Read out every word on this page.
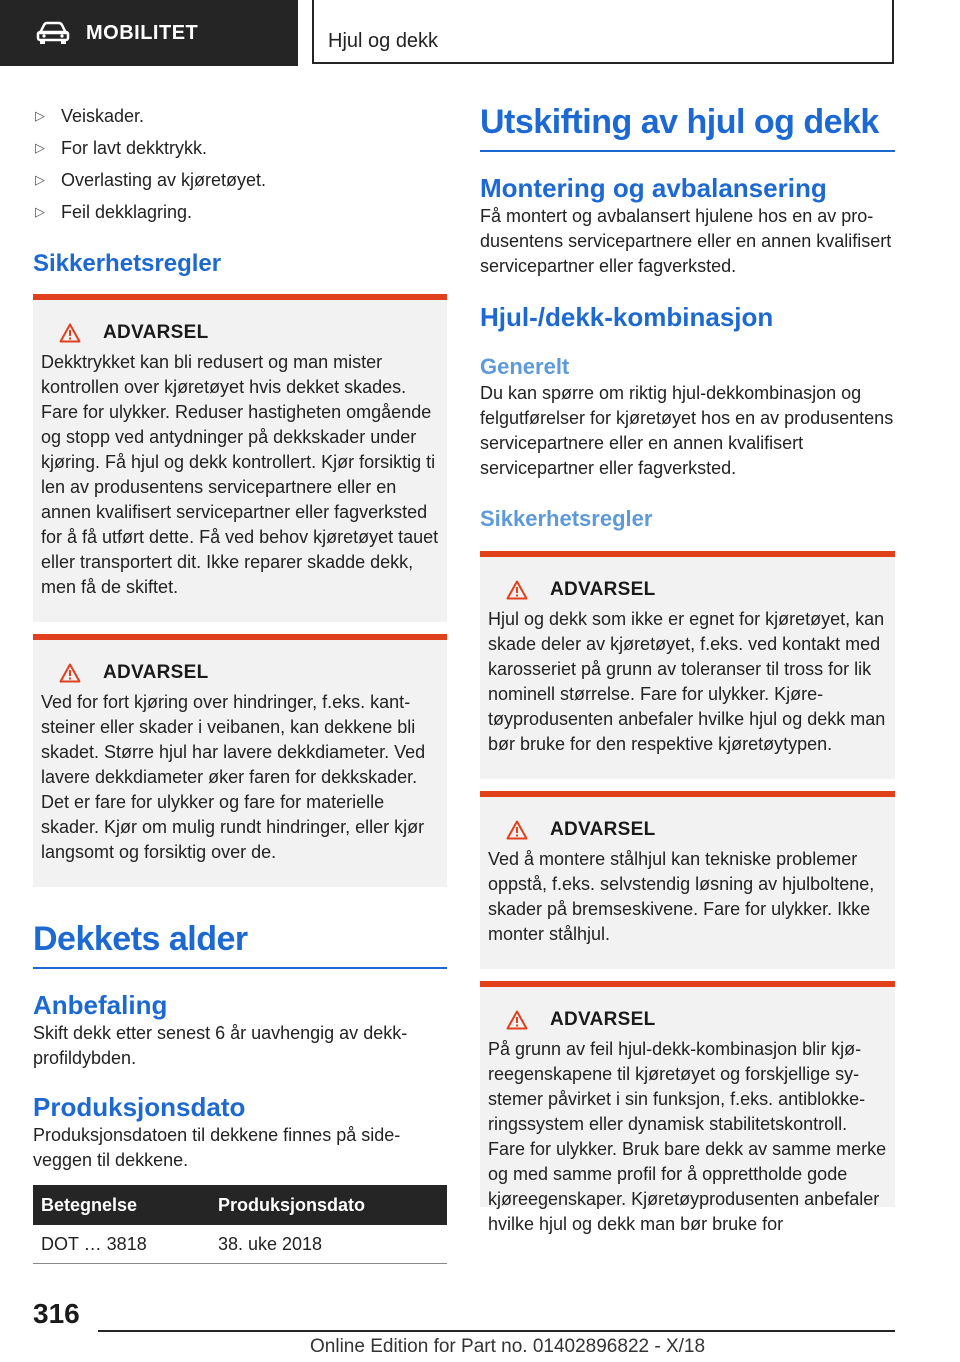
MOBILITET	Hjul og dekk
▷ Veiskader.
▷ For lavt dekktrykk.
▷ Overlasting av kjøretøyet.
▷ Feil dekklagring.
Sikkerhetsregler
ADVARSEL

Dekktrykket kan bli redusert og man mister kontrollen over kjøretøyet hvis dekket skades. Fare for ulykker. Reduser hastigheten omgående og stopp ved antydninger på dekkskader under kjøring. Få hjul og dekk kontrollert. Kjør forsiktig ti len av produsentens servicepartnere eller en annen kvalifisert servicepartner eller fagverksted for å få utført dette. Få ved behov kjøretøyet tauet eller transportert dit. Ikke reparer skadde dekk, men få de skiftet.

ADVARSEL

Ved for fort kjøring over hindringer, f.eks. kantsteiner eller skader i veibanen, kan dekkene bli skadet. Større hjul har lavere dekkdiameter. Ved lavere dekkdiameter øker faren for dekkskader. Det er fare for ulykker og fare for materielle skader. Kjør om mulig rundt hindringer, eller kjør langsomt og forsiktig over de.

Dekkets alder
Anbefaling

Skift dekk etter senest 6 år uavhengig av dekkprofildybden.

Produksjonsdato

Produksjonsdatoen til dekkene finnes på sideveggen til dekkene.

Betegnelse	Produksjonsdato
DOT … 3818	38. uke 2018
Utskifting av hjul og dekk
Montering og avbalansering

Få montert og avbalansert hjulene hos en av produsentens servicepartnere eller en annen kvalifisert servicepartner eller fagverksted.

Hjul-/dekk-kombinasjon
Generelt

Du kan spørre om riktig hjul-dekkombinasjon og felgutførelser for kjøretøyet hos en av produsentens servicepartnere eller en annen kvalifisert servicepartner eller fagverksted.

Sikkerhetsregler
ADVARSEL

Hjul og dekk som ikke er egnet for kjøretøyet, kan skade deler av kjøretøyet, f.eks. ved kontakt med karosseriet på grunn av toleranser til tross for lik nominell størrelse. Fare for ulykker. Kjøretøyprodusenten anbefaler hvilke hjul og dekk man bør bruke for den respektive kjøretøytypen.

ADVARSEL

Ved å montere stålhjul kan tekniske problemer oppstå, f.eks. selvstendig løsning av hjulboltene, skader på bremseskivene. Fare for ulykker. Ikke monter stålhjul.

ADVARSEL

På grunn av feil hjul-dekk-kombinasjon blir kjøreegenskapene til kjøretøyet og forskjellige systemer påvirket i sin funksjon, f.eks. antiblokkeringssystem eller dynamisk stabilitetskontroll. Fare for ulykker. Bruk bare dekk av samme merke og med samme profil for å opprettholde gode kjøreegenskaper. Kjøretøyprodusenten anbefaler hvilke hjul og dekk man bør bruke for

316
Online Edition for Part no. 01402896822 - X/18
